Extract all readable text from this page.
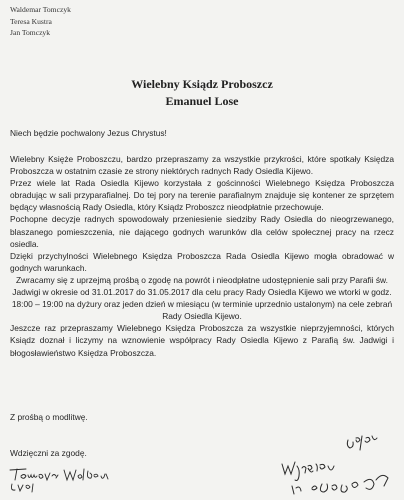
Waldemar Tomczyk
Teresa Kustra
Jan Tomczyk
Wielebny Ksiądz Proboszcz
Emanuel Lose
Niech będzie pochwalony Jezus Chrystus!

Wielebny Księże Proboszczu, bardzo przepraszamy za wszystkie przykrości, które spotkały Księdza Proboszcza w ostatnim czasie ze strony niektórych radnych Rady Osiedla Kijewo.

Przez wiele lat Rada Osiedla Kijewo korzystała z gościnności Wielebnego Księdza Proboszcza obradując w sali przyparafialnej. Do tej pory na terenie parafialnym znajduje się kontener ze sprzętem będący własnością Rady Osiedla, który Ksiądz Proboszcz nieodpłatnie przechowuje.

Pochopne decyzje radnych spowodowały przeniesienie siedziby Rady Osiedla do nieogrzewanego, blaszanego pomieszczenia, nie dającego godnych warunków dla celów społecznej pracy na rzecz osiedla.

Dzięki przychylności Wielebnego Księdza Proboszcza Rada Osiedla Kijewo mogła obradować w godnych warunkach.

Zwracamy się z uprzejmą prośbą o zgodę na powrót i nieodpłatne udostępnienie sali przy Parafii św. Jadwigi w okresie od 31.01.2017 do 31.05.2017 dla celu pracy Rady Osiedla Kijewo we wtorki w godz. 18:00 – 19:00 na dyżury oraz jeden dzień w miesiącu (w terminie uprzednio ustalonym) na cele zebrań Rady Osiedla Kijewo.

Jeszcze raz przepraszamy Wielebnego Księdza Proboszcza za wszystkie nieprzyjemności, których Ksiądz doznał i liczymy na wznowienie współpracy Rady Osiedla Kijewo z Parafią św. Jadwigi i błogosławieństwo Księdza Proboszcza.

Z prośbą o modlitwę.
Wdzięczni za zgodę.
